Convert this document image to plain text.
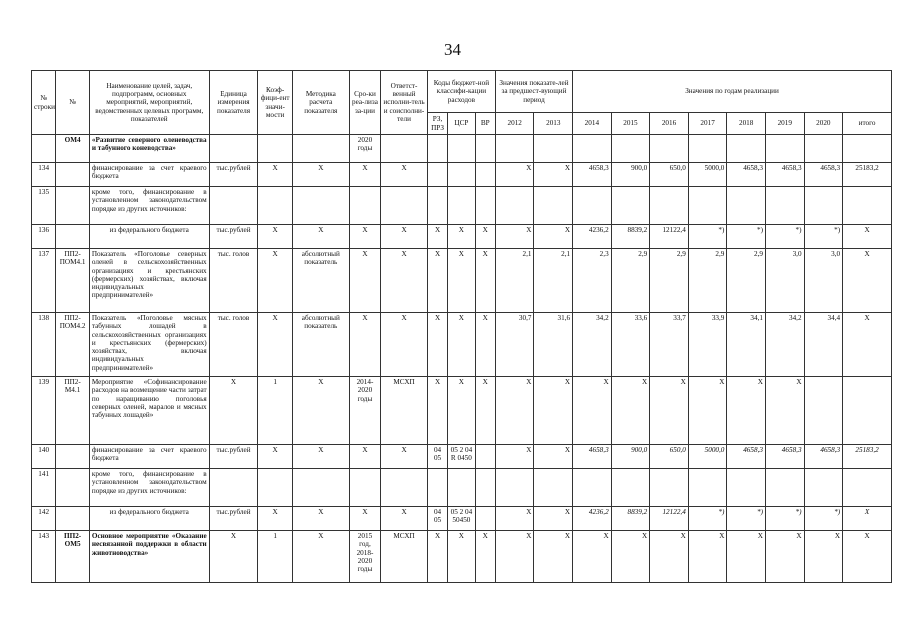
34
№ строки	№	Наименование целей, задач, подпрограмм, основных мероприятий, мероприятий, ведомственных целевых программ, показателей	Единица измерения показателя	Коэф-фици-ент значи-мости	Методика расчета показателя	Сро-ки реа-лиза за-ции	Ответст-венный исполни-тель и соисполни-тели	Коды бюджет-ной классифи-кации расходов			Значения показате-лей за предшест-вующий период		Значения по годам реализации							
								РЗ, ПРЗ	ЦСР	ВР	2012	2013	2014	2015	2016	2017	2018	2019	2020	итого
	ОМ4	«Развитие северного оленеводства и табунного коневодства»				2020 годы														
134		финансирование за счет краевого бюджета	тыс.рублей	Х	Х	Х	Х				Х	Х	4658,3	900,0	650,0	5000,0	4658,3	4658,3	4658,3	25183,2
135		кроме того, финансирование в установленном законодательством порядке из других источников:																		
136		из федерального бюджета	тыс.рублей	Х	Х	Х	Х	Х	Х	Х	Х	Х	4236,2	8839,2	12122,4	*)	*)	*)	*)	Х
137	ПП2-ПОМ4.1	Показатель «Поголовье северных оленей в сельскохозяйственных организациях и крестьянских (фермерских) хозяйствах, включая индивидуальных предпринимателей»	тыс. голов	Х	абсолютный показатель	Х	Х	Х	Х	Х	2,1	2,1	2,3	2,9	2,9	2,9	2,9	3,0	3,0	Х
138	ПП2-ПОМ4.2	Показатель «Поголовье мясных табунных лошадей в сельскохозяйственных организациях и крестьянских (фермерских) хозяйствах, включая индивидуальных предпринимателей»	тыс. голов	Х	абсолютный показатель	Х	Х	Х	Х	Х	30,7	31,6	34,2	33,6	33,7	33,9	34,1	34,2	34,4	Х
139	ПП2-М4.1	Мероприятие «Софинансирование расходов на возмещение части затрат по наращиванию поголовья северных оленей, маралов и мясных табунных лошадей»	Х	1	Х	2014-2020 годы	МСХП	Х	Х	Х	Х	Х	Х	Х	Х	Х	Х	Х		
140		финансирование за счет краевого бюджета	тыс.рублей	Х	Х	Х	Х	04 05	05 2 04 R 0450		Х	Х	4658,3	900,0	650,0	5000,0	4658,3	4658,3	4658,3	25183,2
141		кроме того, финансирование в установленном законодательством порядке из других источников:																		
142		из федерального бюджета	тыс.рублей	Х	Х	Х	Х	04 05	05 2 04 50450		Х	Х	4236,2	8839,2	12122,4	*)	*)	*)	*)	Х
143	ПП2-ОМ5	Основное мероприятие «Оказание несвязанной поддержки в области животноводства»	Х	1	Х	2015 год, 2018-2020 годы	МСХП	Х	Х	Х	Х	Х	Х	Х	Х	Х	Х	Х	Х	Х
